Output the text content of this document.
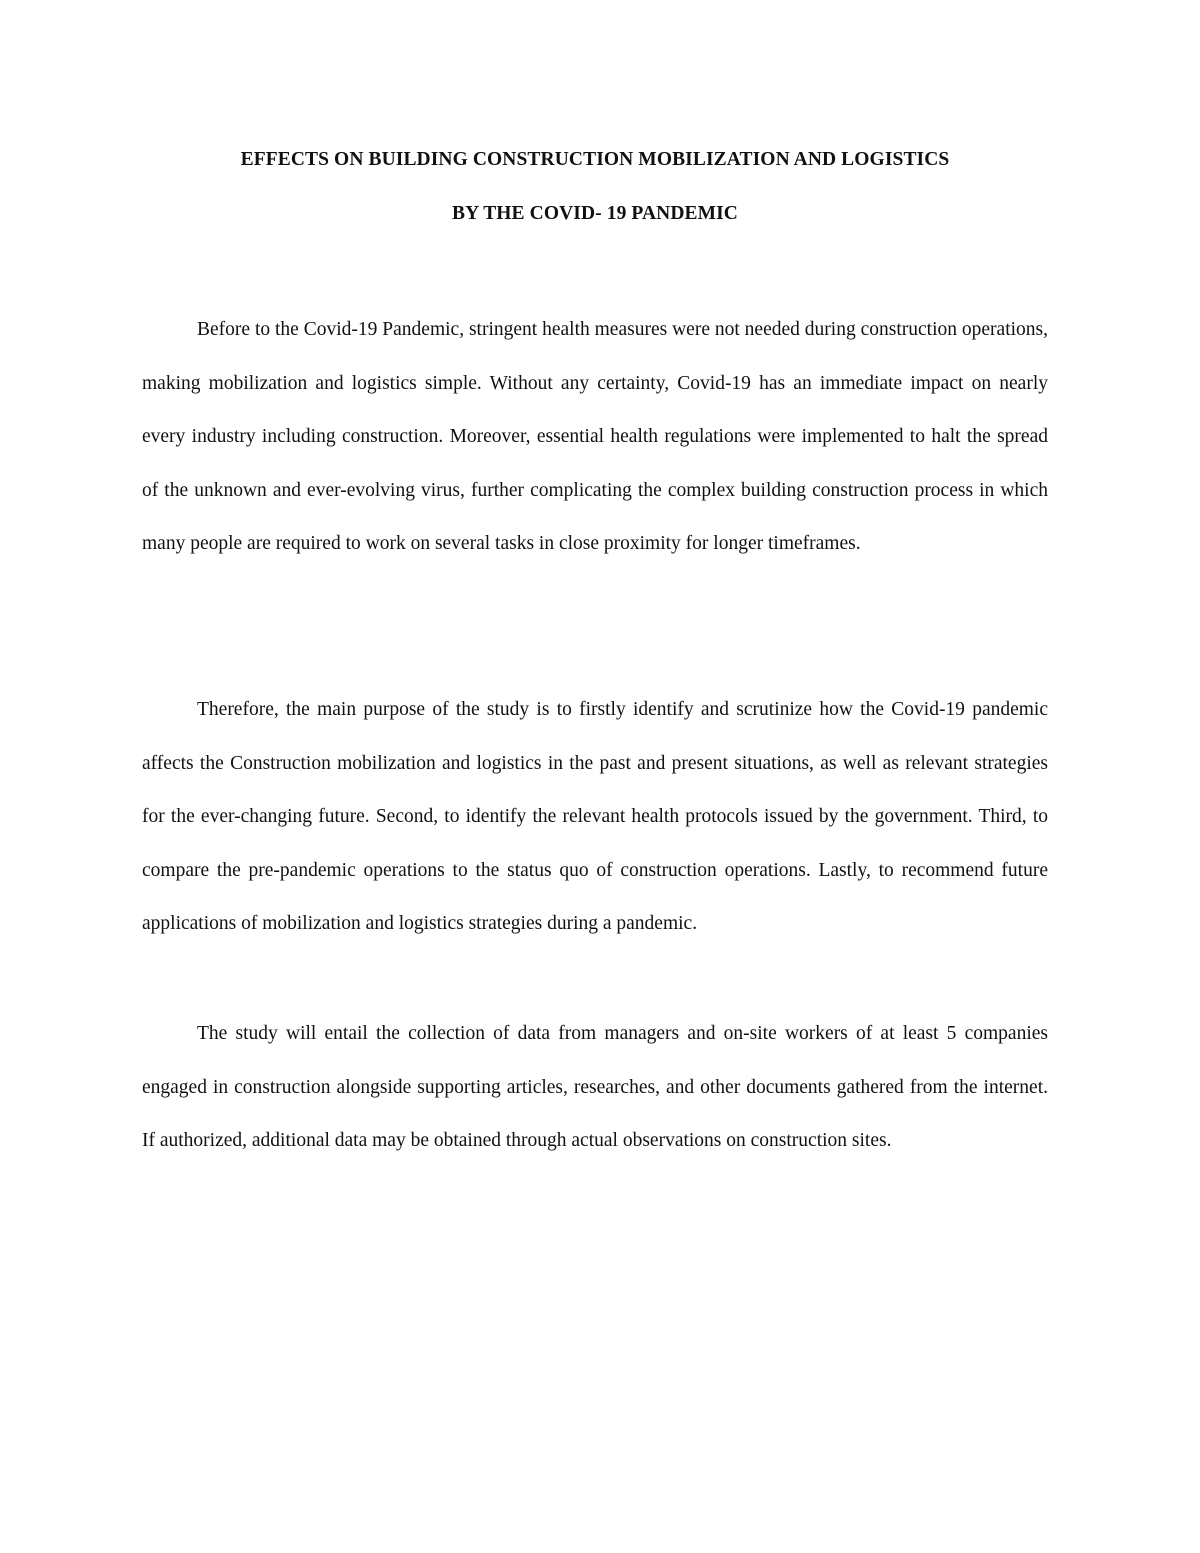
EFFECTS ON BUILDING CONSTRUCTION MOBILIZATION AND LOGISTICS
BY THE COVID- 19 PANDEMIC

Before to the Covid-19 Pandemic, stringent health measures were not needed during construction operations, making mobilization and logistics simple. Without any certainty, Covid-19 has an immediate impact on nearly every industry including construction. Moreover, essential health regulations were implemented to halt the spread of the unknown and ever-evolving virus, further complicating the complex building construction process in which many people are required to work on several tasks in close proximity for longer timeframes.

Therefore, the main purpose of the study is to firstly identify and scrutinize how the Covid-19 pandemic affects the Construction mobilization and logistics in the past and present situations, as well as relevant strategies for the ever-changing future. Second, to identify the relevant health protocols issued by the government. Third, to compare the pre-pandemic operations to the status quo of construction operations. Lastly, to recommend future applications of mobilization and logistics strategies during a pandemic.

The study will entail the collection of data from managers and on-site workers of at least 5 companies engaged in construction alongside supporting articles, researches, and other documents gathered from the internet. If authorized, additional data may be obtained through actual observations on construction sites.
